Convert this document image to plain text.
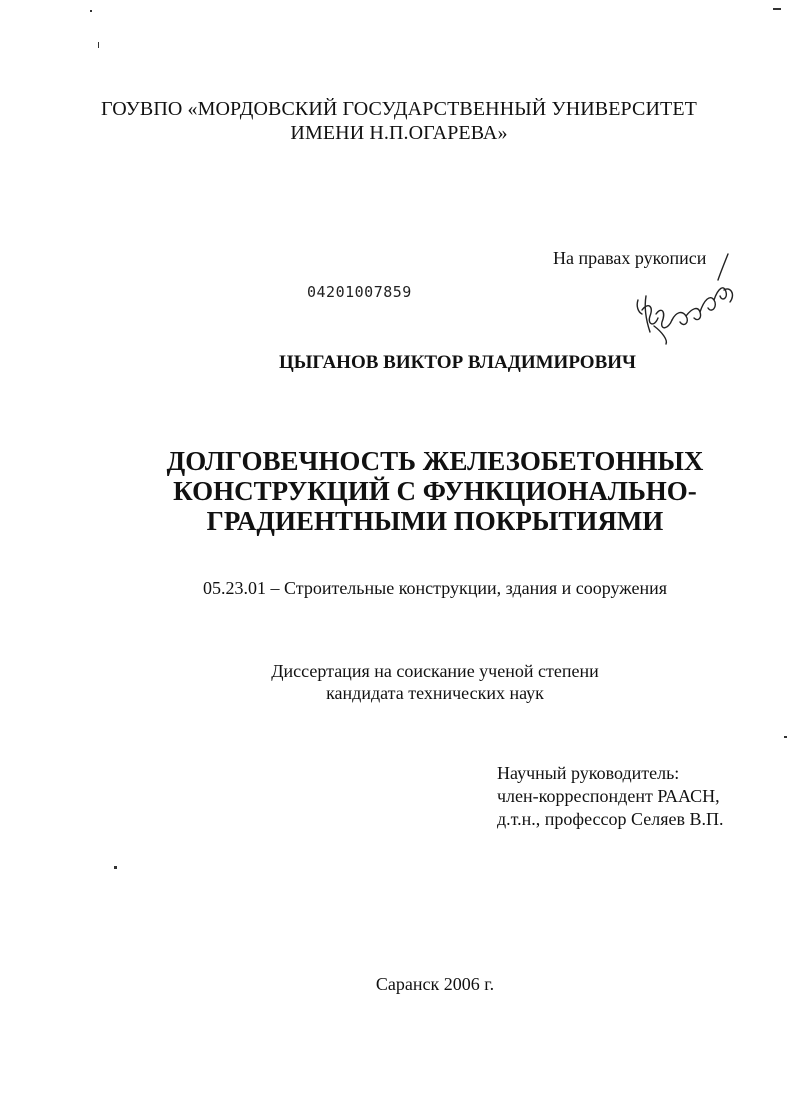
ГОУВПО «МОРДОВСКИЙ ГОСУДАРСТВЕННЫЙ УНИВЕРСИТЕТ
ИМЕНИ Н.П.ОГАРЕВА»
На правах рукописи
04201007859
ЦЫГАНОВ ВИКТОР ВЛАДИМИРОВИЧ
ДОЛГОВЕЧНОСТЬ ЖЕЛЕЗОБЕТОННЫХ
КОНСТРУКЦИЙ С ФУНКЦИОНАЛЬНО-
ГРАДИЕНТНЫМИ ПОКРЫТИЯМИ
05.23.01 – Строительные конструкции, здания и сооружения
Диссертация на соискание ученой степени
кандидата технических наук
Научный руководитель:
член-корреспондент РААСН,
д.т.н., профессор Селяев В.П.
Саранск 2006 г.
